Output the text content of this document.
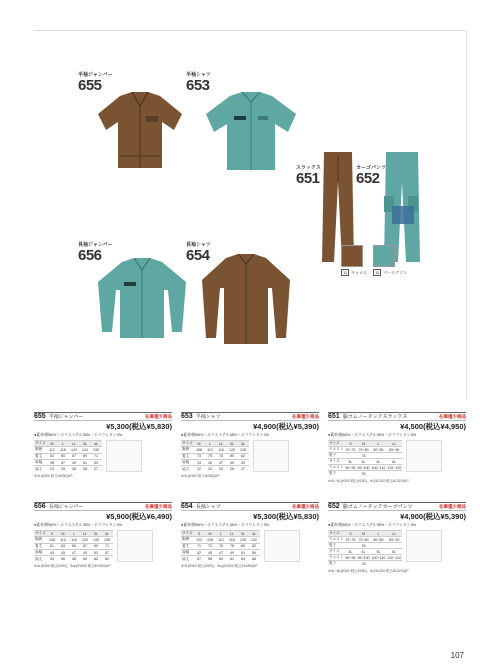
半袖ジャンパー
655
半袖シャツ
653
スラックス
651
カーゴパンツ
652
長袖ジャンパー
656
長袖シャツ
654
11 キャメル	15 ペールグリン
655 半袖ジャンパー	在庫僅少商品
¥5,300(税込¥5,830)
●素材/綿65%・ポリエステル35%・ポリウレタン3%
サイズ	M	L	LL	3L	4L
胸囲	112	116	120	124	130
着丈	63	65	67	69	71
肩幅	45	47	49	51	53
袖丈	24	25	26	26	27
※4L(¥300 相当/¥330)UP
653 半袖シャツ	在庫僅少商品
¥4,900(税込¥5,390)
●素材/綿65%・ポリエステル35%・ポリウレタン3%
サイズ	M	L	LL	3L	4L
胸囲	108	112	116	120	126
着丈	73	75	78	80	82
肩幅	43	45	47	49	53
袖丈	22	24	25	26	27
※4L(¥300 相当/¥330)UP
651 脇ゴムノータックスラックス	在庫僅少商品
¥4,500(税込¥4,950)
●素材/綿65%・ポリエステル35%・ポリウレタン3%
サイズ	S	M	L	LL
ウエスト	70~75	75~80	80~85	85~90
股下		78		
サイズ	3L	4L	5L	6L
ウエスト	90~95	95~100	100~110	110~120
股下		78		
※4L~6L(¥300 税込¥330)、6L(¥1200 税込¥1320)UP
656 長袖ジャンパー	在庫僅少商品
¥5,900(税込¥6,490)
●素材/綿65%・ポリエステル35%・ポリウレタン3%
サイズ	S	M	L	LL	3L	4L
胸囲	108	112	116	120	130	138
着丈	61	63	65	67	69	71
肩幅	43	45	47	49	53	57
袖丈	54	56	58	60	62	62
※4L(¥300 税込¥330)、5up(¥1500 税込¥1650)UP
654 長袖シャツ	在庫僅少商品
¥5,300(税込¥5,830)
●素材/綿65%・ポリエステル35%・ポリウレタン3%
サイズ	S	M	L	LL	3L	4L
胸囲	102	108	112	116	126	132
着丈	71	73	75	78	80	82
肩幅	42	45	47	49	51	55
袖丈	57	58	60	61	64	66
※4L(¥300 税込¥330)、5up(¥1500 税込¥1650)UP
652 脇ゴムノータックカーゴパンツ	在庫僅少商品
¥4,900(税込¥5,390)
●素材/綿65%・ポリエステル35%・ポリウレタン3%
サイズ	S	M	L	LL
ウエスト	70~75	75~80	80~85	85~90
股下		78		
サイズ	3L	4L	5L	6L
ウエスト	90~95	95~100	100~110	110~120
股下		78		
※4L~6L(¥300 税込¥330)、6L(¥1200 税込¥1320)UP
107
